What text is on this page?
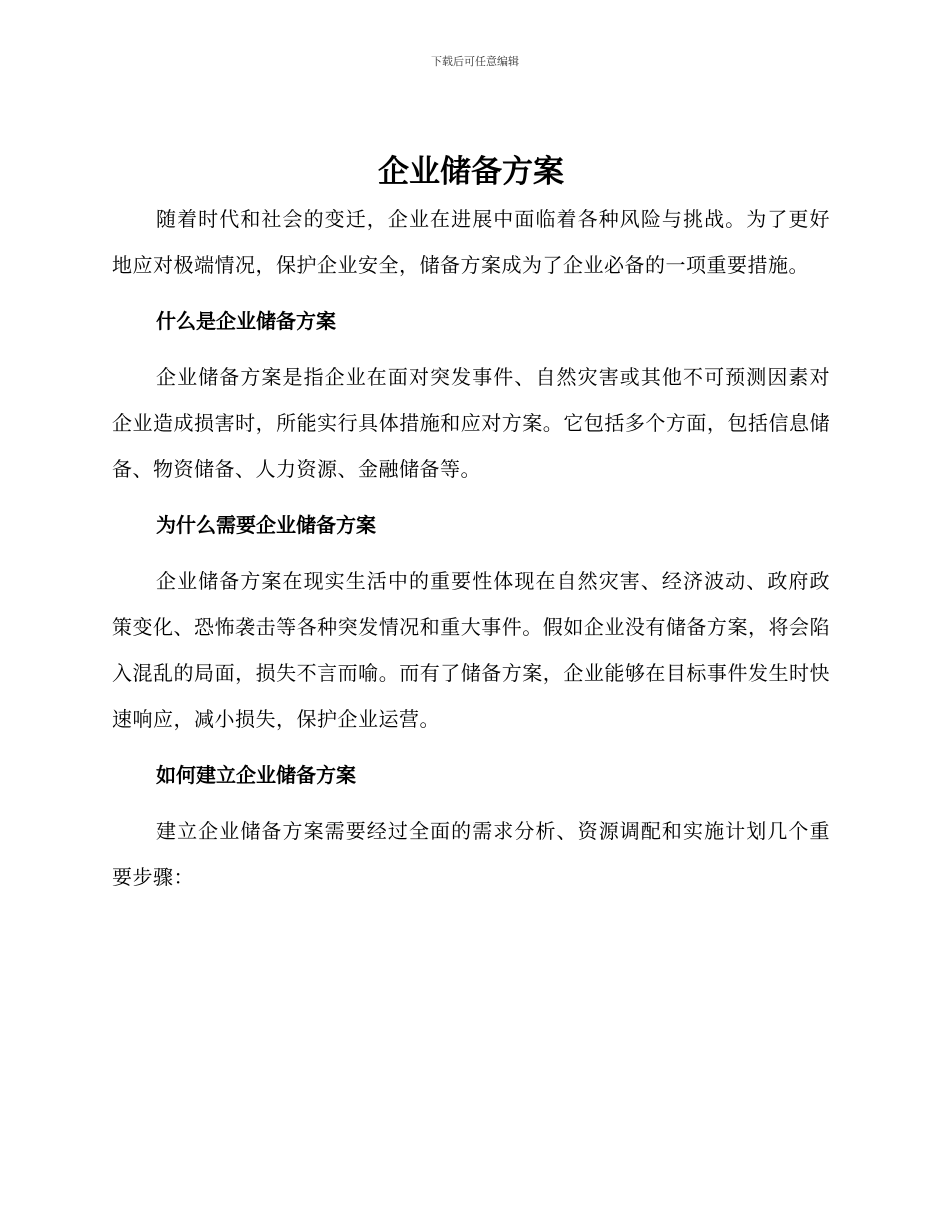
下载后可任意编辑
企业储备方案

随着时代和社会的变迁，企业在进展中面临着各种风险与挑战。为了更好地应对极端情况，保护企业安全，储备方案成为了企业必备的一项重要措施。

什么是企业储备方案

企业储备方案是指企业在面对突发事件、自然灾害或其他不可预测因素对企业造成损害时，所能实行具体措施和应对方案。它包括多个方面，包括信息储备、物资储备、人力资源、金融储备等。

为什么需要企业储备方案

企业储备方案在现实生活中的重要性体现在自然灾害、经济波动、政府政策变化、恐怖袭击等各种突发情况和重大事件。假如企业没有储备方案，将会陷入混乱的局面，损失不言而喻。而有了储备方案，企业能够在目标事件发生时快速响应，减小损失，保护企业运营。

如何建立企业储备方案

建立企业储备方案需要经过全面的需求分析、资源调配和实施计划几个重要步骤：
